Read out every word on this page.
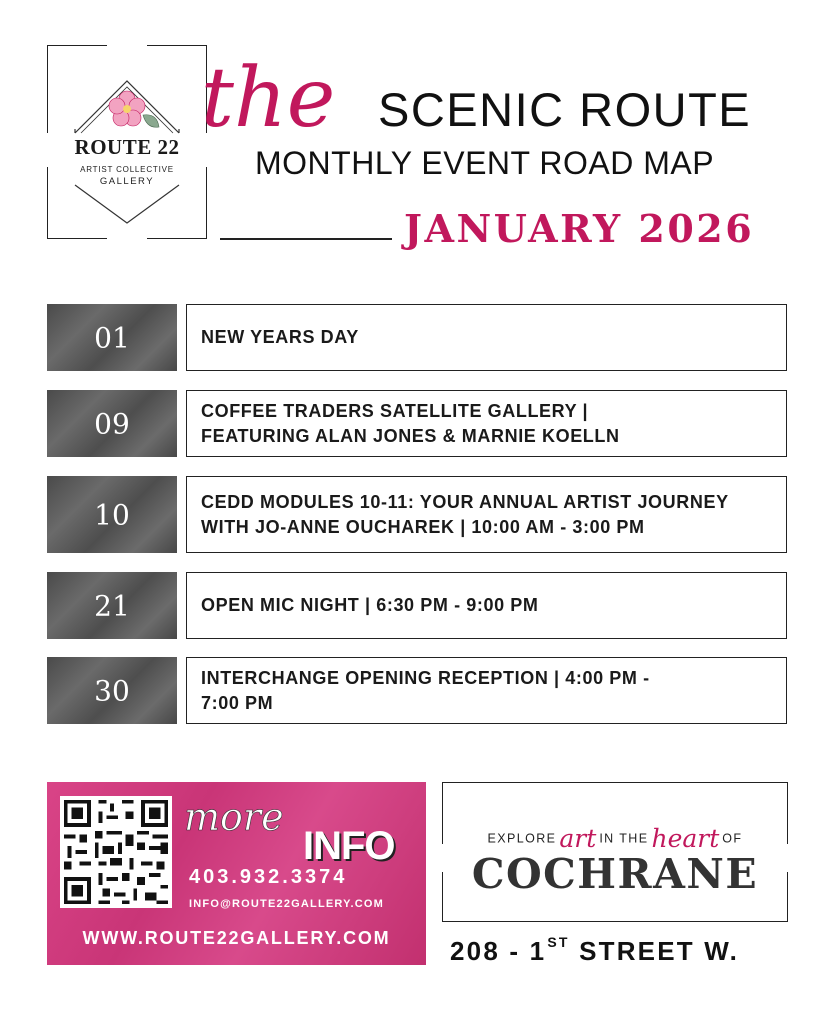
ROUTE 22
ARTIST COLLECTIVE
GALLERY
the SCENIC ROUTE
MONTHLY EVENT ROAD MAP
JANUARY 2026
01	NEW YEARS DAY
09	COFFEE TRADERS SATELLITE GALLERY |
FEATURING ALAN JONES & MARNIE KOELLN
10	CEDD MODULES 10-11: YOUR ANNUAL ARTIST JOURNEY
WITH JO-ANNE OUCHAREK | 10:00 AM - 3:00 PM
21	OPEN MIC NIGHT | 6:30 PM - 9:00 PM
30	INTERCHANGE OPENING RECEPTION | 4:00 PM -
7:00 PM
more
INFO
403.932.3374
INFO@ROUTE22GALLERY.COM
WWW.ROUTE22GALLERY.COM
EXPLORE art IN THE heart OF
COCHRANE
208 - 1ST STREET W.
